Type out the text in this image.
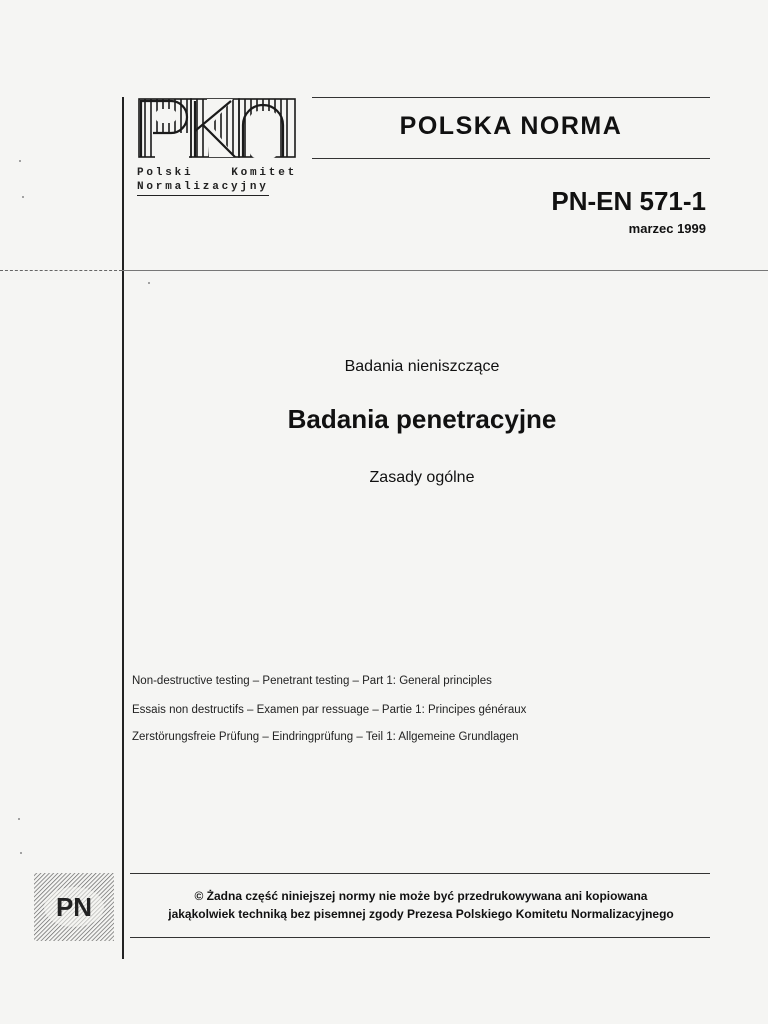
Polski	Komitet
Normalizacyjny
POLSKA NORMA
PN-EN 571-1
marzec 1999
Badania nieniszczące
Badania penetracyjne
Zasady ogólne
Non-destructive testing – Penetrant testing – Part 1: General principles
Essais non destructifs – Examen par ressuage – Partie 1: Principes généraux
Zerstörungsfreie Prüfung – Eindringprüfung – Teil 1: Allgemeine Grundlagen
PN	© Żadna część niniejszej normy nie może być przedrukowywana ani kopiowana
jakąkolwiek techniką bez pisemnej zgody Prezesa Polskiego Komitetu Normalizacyjnego
